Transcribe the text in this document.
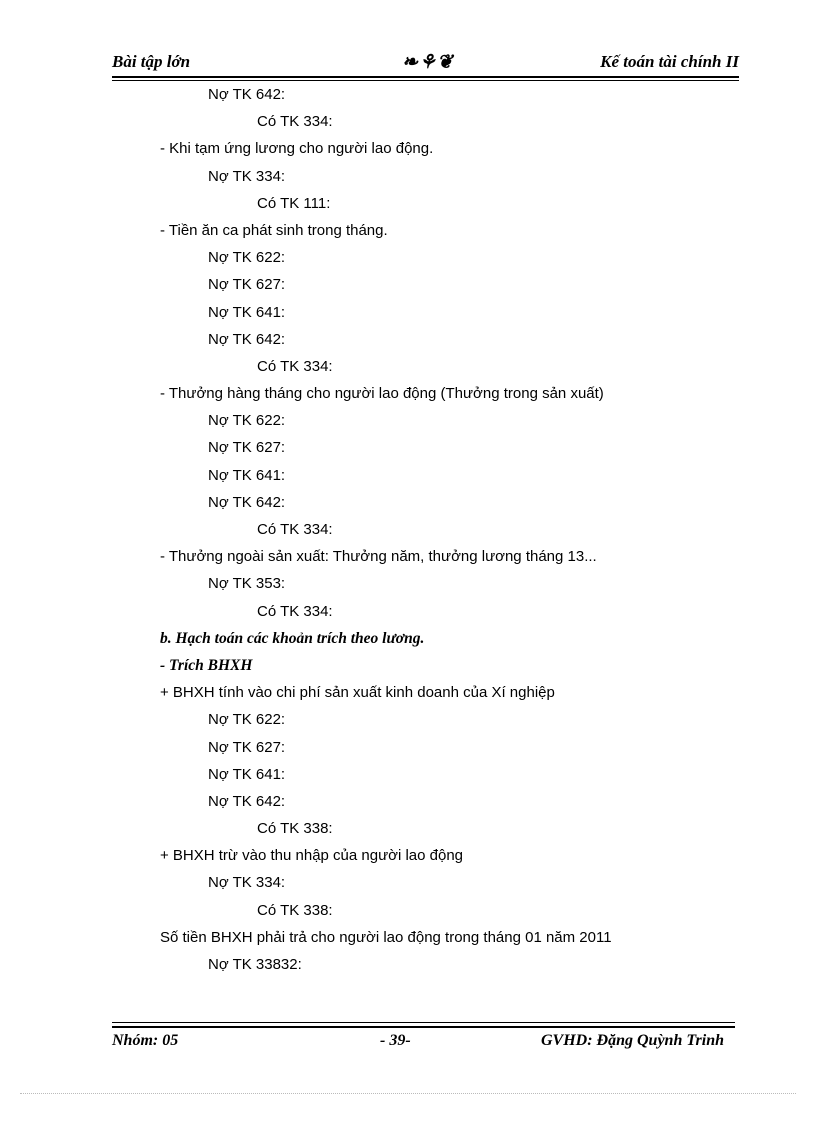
Bài tập lớn	❧⚘❦	Kế toán tài chính II
Nợ TK 642:
Có TK 334:
- Khi tạm ứng lương cho người lao động.
Nợ TK 334:
Có TK 111:
- Tiền ăn ca phát sinh trong tháng.
Nợ TK 622:
Nợ TK 627:
Nợ TK 641:
Nợ TK 642:
Có TK 334:
- Thưởng hàng tháng cho người lao động (Thưởng trong sản xuất)
Nợ TK 622:
Nợ TK 627:
Nợ TK 641:
Nợ TK 642:
Có TK 334:
- Thưởng ngoài sản xuất: Thưởng năm, thưởng lương tháng 13...
Nợ TK 353:
Có TK 334:
b. Hạch toán các khoản trích theo lương.
- Trích BHXH
+ BHXH tính vào chi phí sản xuất kinh doanh của Xí nghiệp
Nợ TK 622:
Nợ TK 627:
Nợ TK 641:
Nợ TK 642:
Có TK 338:
+ BHXH trừ vào thu nhập của người lao động
Nợ TK 334:
Có TK 338:
Số tiền BHXH phải trả cho người lao động trong tháng 01 năm 2011
Nợ TK 33832:
Nhóm: 05	- 39-	GVHD: Đặng Quỳnh Trinh
